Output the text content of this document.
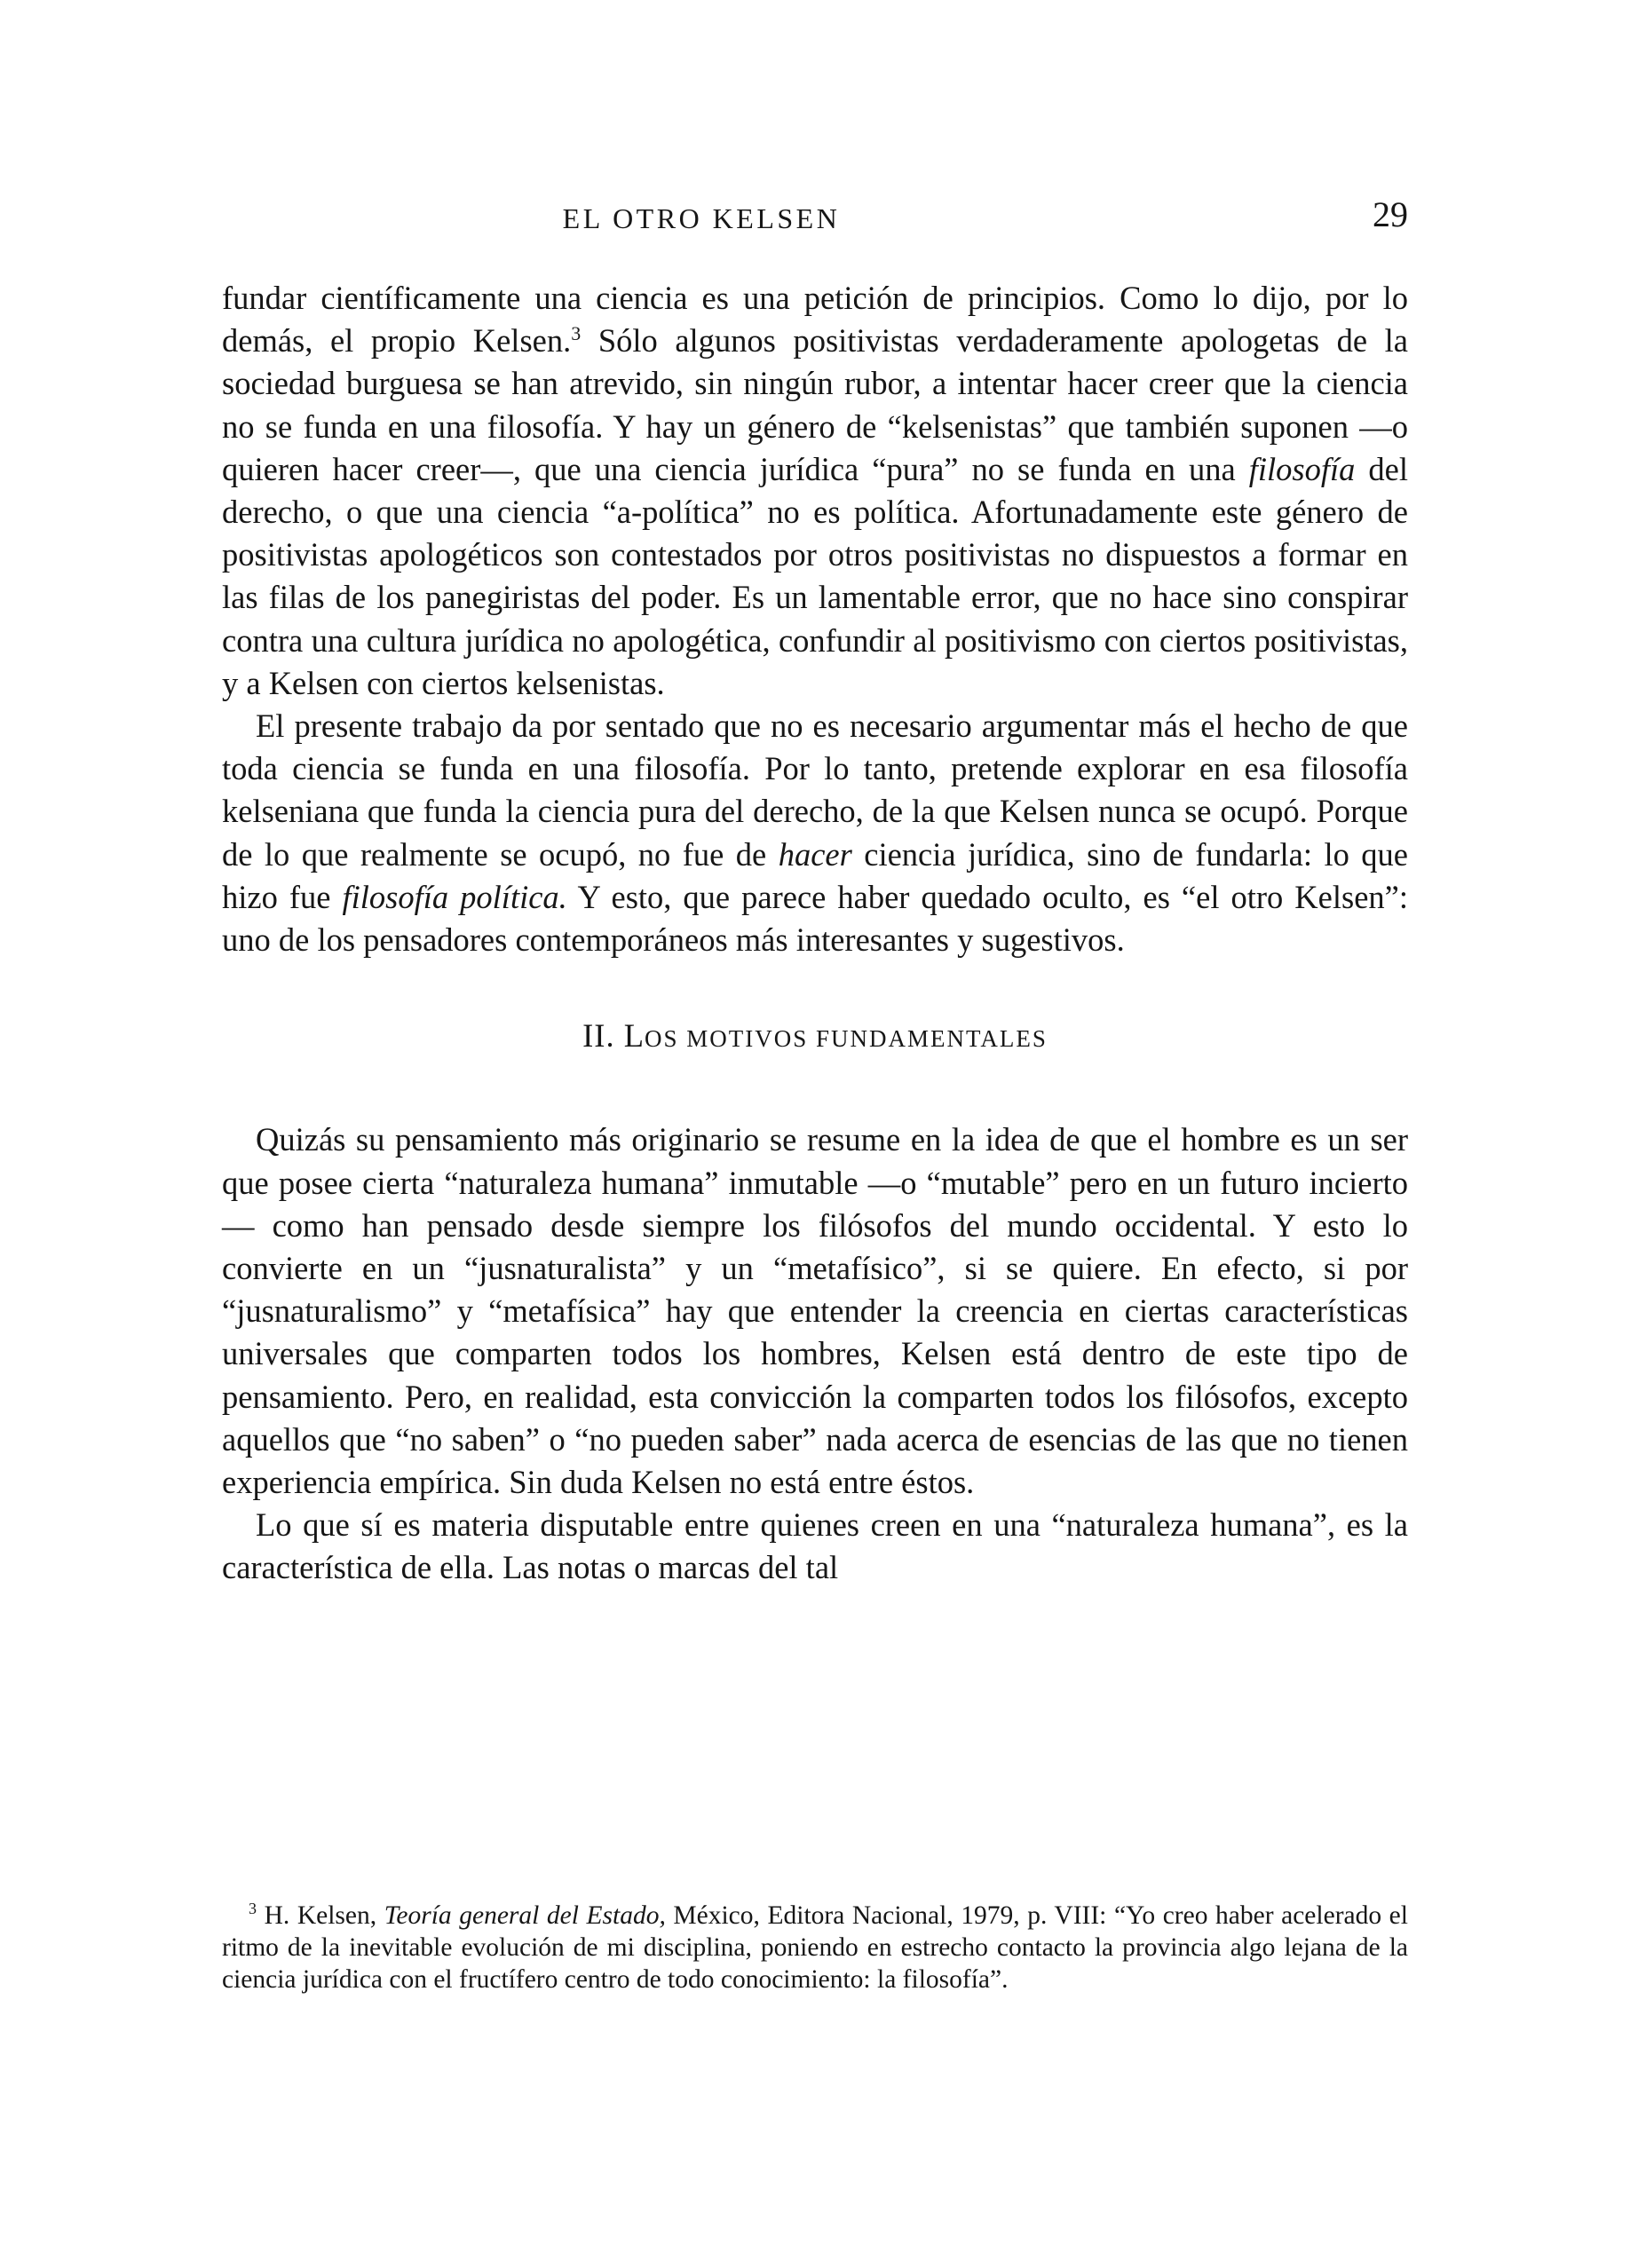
EL OTRO KELSEN	29

fundar científicamente una ciencia es una petición de principios. Como lo dijo, por lo demás, el propio Kelsen.$^3$ Sólo algunos positivistas verdaderamente apologetas de la sociedad burguesa se han atrevido, sin ningún rubor, a intentar hacer creer que la ciencia no se funda en una filosofía. Y hay un género de “kelsenistas” que también suponen —o quieren hacer creer—, que una ciencia jurídica “pura” no se funda en una filosofía del derecho, o que una ciencia “a-política” no es política. Afortunadamente este género de positivistas apologéticos son contestados por otros positivistas no dispuestos a formar en las filas de los panegiristas del poder. Es un lamentable error, que no hace sino conspirar contra una cultura jurídica no apologética, confundir al positivismo con ciertos positivistas, y a Kelsen con ciertos kelsenistas.

El presente trabajo da por sentado que no es necesario argumentar más el hecho de que toda ciencia se funda en una filosofía. Por lo tanto, pretende explorar en esa filosofía kelseniana que funda la ciencia pura del derecho, de la que Kelsen nunca se ocupó. Porque de lo que realmente se ocupó, no fue de hacer ciencia jurídica, sino de fundarla: lo que hizo fue filosofía política. Y esto, que parece haber quedado oculto, es “el otro Kelsen”: uno de los pensadores contemporáneos más interesantes y sugestivos.

II. LOS MOTIVOS FUNDAMENTALES

Quizás su pensamiento más originario se resume en la idea de que el hombre es un ser que posee cierta “naturaleza humana” inmutable —o “mutable” pero en un futuro incierto— como han pensado desde siempre los filósofos del mundo occidental. Y esto lo convierte en un “jusnaturalista” y un “metafísico”, si se quiere. En efecto, si por “jusnaturalismo” y “metafísica” hay que entender la creencia en ciertas características universales que comparten todos los hombres, Kelsen está dentro de este tipo de pensamiento. Pero, en realidad, esta convicción la comparten todos los filósofos, excepto aquellos que “no saben” o “no pueden saber” nada acerca de esencias de las que no tienen experiencia empírica. Sin duda Kelsen no está entre éstos.

Lo que sí es materia disputable entre quienes creen en una “naturaleza humana”, es la característica de ella. Las notas o marcas del tal

$^3$ H. Kelsen, Teoría general del Estado, México, Editora Nacional, 1979, p. VIII: “Yo creo haber acelerado el ritmo de la inevitable evolución de mi disciplina, poniendo en estrecho contacto la provincia algo lejana de la ciencia jurídica con el fructífero centro de todo conocimiento: la filosofía”.
